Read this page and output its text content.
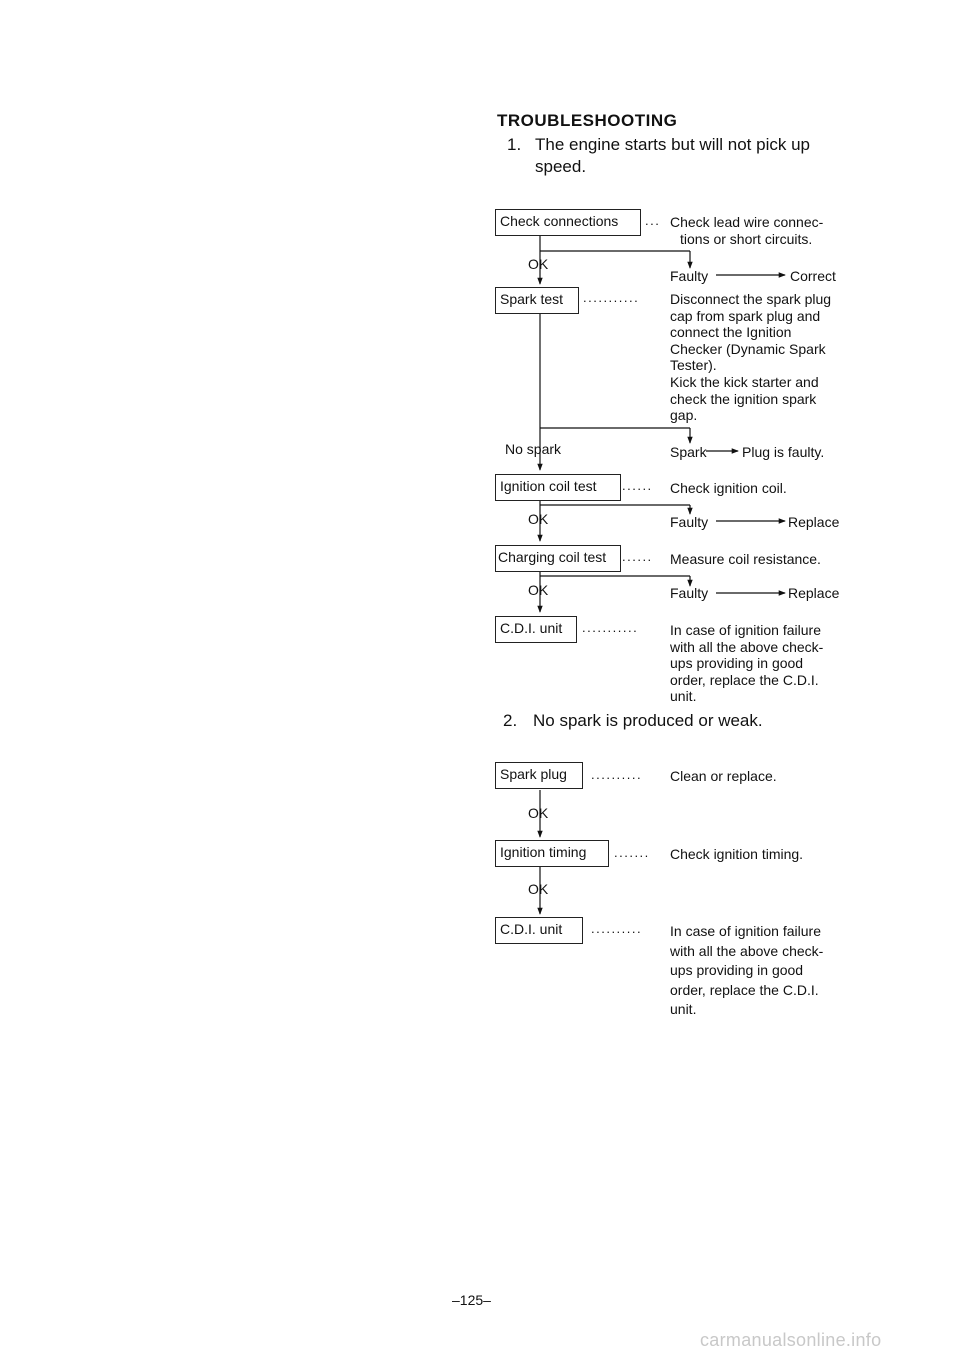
TROUBLESHOOTING
1. The engine starts but will not pick up
speed.
Check connections	... Check lead wire connec-
tions or short circuits.
OK
Faulty	Correct
Spark test	........... Disconnect the spark plug
cap from spark plug and
connect the Ignition
Checker (Dynamic Spark
Tester).
Kick the kick starter and
check the ignition spark
gap.
No spark	Spark	Plug is faulty.
Ignition coil test	...... Check ignition coil.
OK	Faulty	Replace
Charging coil test	...... Measure coil resistance.
OK	Faulty	Replace
C.D.I. unit	........... In case of ignition failure
with all the above check-
ups providing in good
order, replace the C.D.I.
unit.
2. No spark is produced or weak.
Spark plug	.......... Clean or replace.
OK
Ignition timing	....... Check ignition timing.
OK
C.D.I. unit	.......... In case of ignition failure
with all the above check-
ups providing in good
order, replace the C.D.I.
unit.
–125–
carmanualsonline.info
